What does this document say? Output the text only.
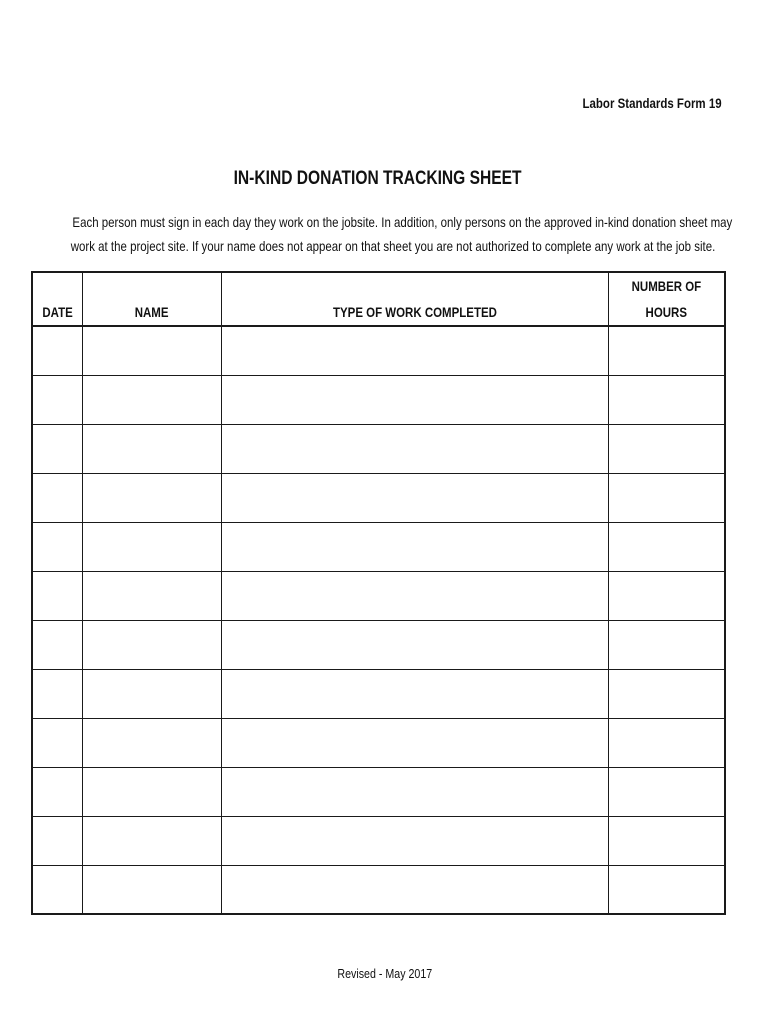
Labor Standards Form 19
IN-KIND DONATION TRACKING SHEET
Each person must sign in each day they work on the jobsite. In addition, only persons on the approved in-kind donation sheet may
work at the project site. If your name does not appear on that sheet you are not authorized to complete any work at the job site.
DATE	NAME	TYPE OF WORK COMPLETED	NUMBER OF
HOURS

Revised - May 2017
